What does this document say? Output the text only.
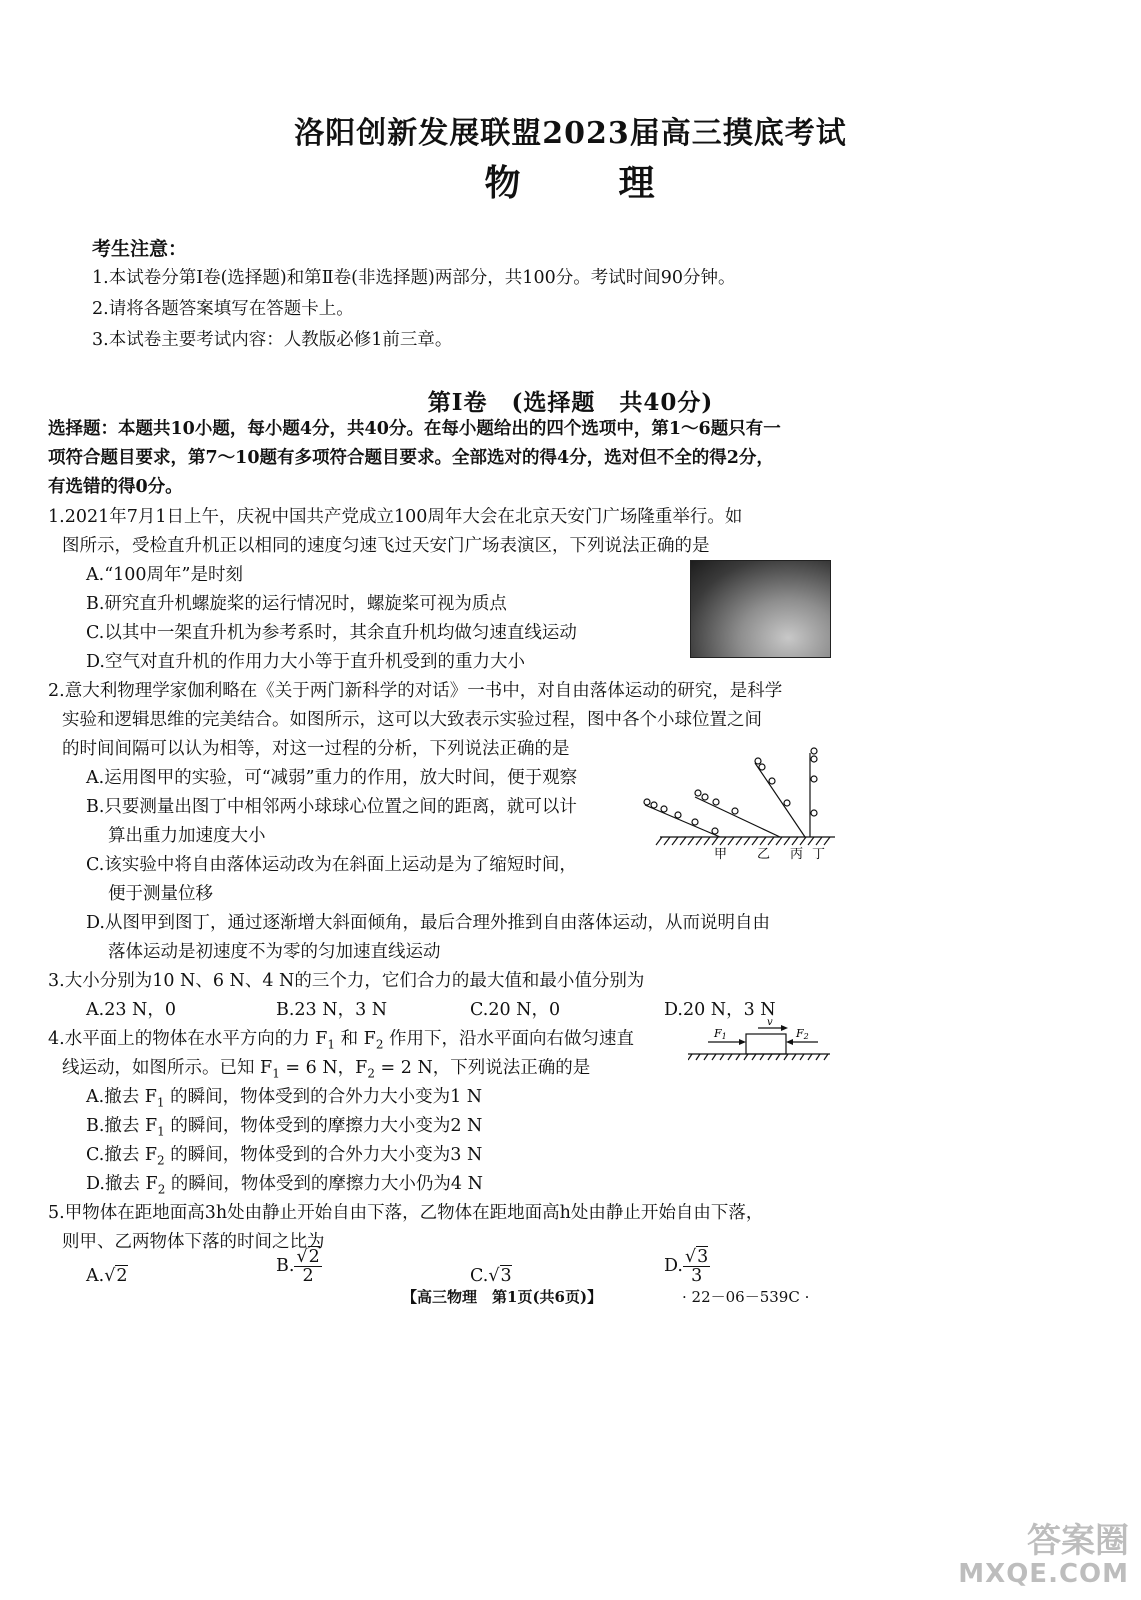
洛阳创新发展联盟2023届高三摸底考试
物	理
考生注意：
1.本试卷分第Ⅰ卷(选择题)和第Ⅱ卷(非选择题)两部分，共100分。考试时间90分钟。
2.请将各题答案填写在答题卡上。
3.本试卷主要考试内容：人教版必修1前三章。
第Ⅰ卷　(选择题　共40分)
选择题：本题共10小题，每小题4分，共40分。在每小题给出的四个选项中，第1～6题只有一
项符合题目要求，第7～10题有多项符合题目要求。全部选对的得4分，选对但不全的得2分，
有选错的得0分。
1.2021年7月1日上午，庆祝中国共产党成立100周年大会在北京天安门广场隆重举行。如
图所示，受检直升机正以相同的速度匀速飞过天安门广场表演区，下列说法正确的是
A.“100周年”是时刻
B.研究直升机螺旋桨的运行情况时，螺旋桨可视为质点
C.以其中一架直升机为参考系时，其余直升机均做匀速直线运动
D.空气对直升机的作用力大小等于直升机受到的重力大小
2.意大利物理学家伽利略在《关于两门新科学的对话》一书中，对自由落体运动的研究，是科学
实验和逻辑思维的完美结合。如图所示，这可以大致表示实验过程，图中各个小球位置之间
的时间间隔可以认为相等，对这一过程的分析，下列说法正确的是
A.运用图甲的实验，可“减弱”重力的作用，放大时间，便于观察
B.只要测量出图丁中相邻两小球球心位置之间的距离，就可以计
算出重力加速度大小
C.该实验中将自由落体运动改为在斜面上运动是为了缩短时间，
便于测量位移
D.从图甲到图丁，通过逐渐增大斜面倾角，最后合理外推到自由落体运动，从而说明自由
落体运动是初速度不为零的匀加速直线运动
甲 乙 丙 丁
3.大小分别为10 N、6 N、4 N的三个力，它们合力的最大值和最小值分别为
A.23 N，0	B.23 N，3 N	C.20 N，0	D.20 N，3 N
4.水平面上的物体在水平方向的力 $F_1$ 和 $F_2$ 作用下，沿水平面向右做匀速直
线运动，如图所示。已知 $F_1 = 6$ N，$F_2 = 2$ N，下列说法正确的是
A.撤去 $F_1$ 的瞬间，物体受到的合外力大小变为1 N
B.撤去 $F_1$ 的瞬间，物体受到的摩擦力大小变为2 N
C.撤去 $F_2$ 的瞬间，物体受到的合外力大小变为3 N
D.撤去 $F_2$ 的瞬间，物体受到的摩擦力大小仍为4 N
F1	F2
v
5.甲物体在距地面高3h处由静止开始自由下落，乙物体在距地面高h处由静止开始自由下落，
则甲、乙两物体下落的时间之比为
A.√2	B. $\frac{√2}{2}$	C.√3	D. $\frac{√3}{3}$
【高三物理　第1页(共6页)】	· 22－06－539C ·
答案圈
MXQE.COM
